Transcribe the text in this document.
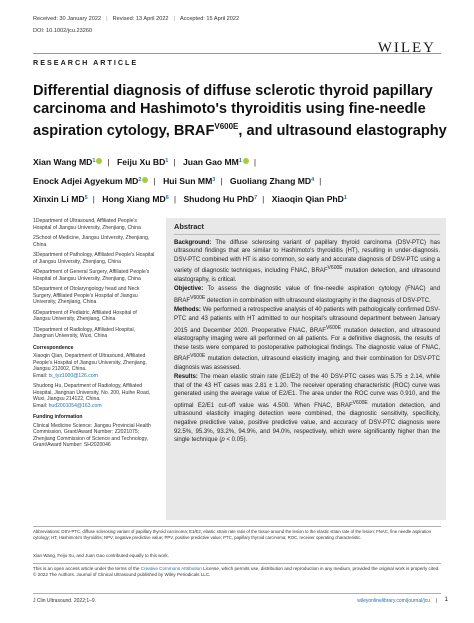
Received: 30 January 2022 | Revised: 13 April 2022 | Accepted: 15 April 2022
DOI: 10.1002/jcu.23260
WILEY
RESEARCH ARTICLE
Differential diagnosis of diffuse sclerotic thyroid papillary carcinoma and Hashimoto's thyroiditis using fine-needle aspiration cytology, $BRAF^{V600E}$, and ultrasound elastography
Xian Wang $MD^1$ | Feiju Xu $BD^1$ | Juan Gao $MM^1$ |
Enock Adjei Agyekum $MD^2$ | Hui Sun $MM^3$ | Guoliang Zhang $MD^4$ |
Xinxin Li $MD^5$ | Hong Xiang $MD^6$ | Shudong Hu PhD$^7$ | Xiaoqin Qian PhD$^1$

1Department of Ultrasound, Affiliated People's Hospital of Jiangsu University, Zhenjiang, China

2School of Medicine, Jiangsu University, Zhenjiang, China

3Department of Pathology, Affiliated People's Hospital of Jiangsu University, Zhenjiang, China

4Department of General Surgery, Affiliated People's Hospital of Jiangsu University, Zhenjiang, China

5Department of Otolaryngology head and Neck Surgery, Affiliated People's Hospital of Jiangsu University, Zhenjiang, China

6Department of Pediatric, Affiliated Hospital of Jiangsu University, Zhenjiang, China

7Department of Radiology, Affiliated Hospital, Jiangnan University, Wuxi, China

Correspondence

Xiaoqin Qian, Department of Ultrasound, Affiliated People's Hospital of Jiangsu University, Zhenjiang, Jiangsu 212002, China.
Email: tx_tyz1000@126.com

Shudong Hu, Department of Radiology, Affiliated Hospital, Jiangnan University, No. 200, Huihe Road, Wuxi, Jiangsu 214122, China.
Email: hud2001054@163.com

Funding information

Clinical Medicine Science: Jiangsu Provincial Health Commission, Grant/Award Number: Z2021075; Zhenjiang Commission of Science and Technology, Grant/Award Number: SH2020046

Abstract

Background: The diffuse sclerosing variant of papillary thyroid carcinoma (DSV-PTC) has ultrasound findings that are similar to Hashimoto's thyroiditis (HT), resulting in under-diagnosis. DSV-PTC combined with HT is also common, so early and accurate diagnosis of DSV-PTC using a variety of diagnostic techniques, including FNAC, $BRAF^{V600E}$ mutation detection, and ultrasound elastography, is critical.

Objective: To assess the diagnostic value of fine-needle aspiration cytology (FNAC) and $BRAF^{V600E}$ detection in combination with ultrasound elastography in the diagnosis of DSV-PTC.

Methods: We performed a retrospective analysis of 40 patients with pathologically confirmed DSV-PTC and 43 patients with HT admitted to our hospital's ultrasound department between January 2015 and December 2020. Preoperative FNAC, $BRAF^{V600E}$ mutation detection, and ultrasound elastography imaging were all performed on all patients. For a definitive diagnosis, the results of these tests were compared to postoperative pathological findings. The diagnostic value of FNAC, $BRAF^{V600E}$ mutation detection, ultrasound elasticity imaging, and their combination for DSV-PTC diagnosis was assessed.

Results: The mean elastic strain rate (E1/E2) of the 40 DSV-PTC cases was 5.75 ± 2.14, while that of the 43 HT cases was 2.81 ± 1.20. The receiver operating characteristic (ROC) curve was generated using the average value of E2/E1. The area under the ROC curve was 0.910, and the optimal E2/E1 cut-off value was 4.500. When FNAC, $BRAF^{V600E}$ mutation detection, and ultrasound elasticity imaging detection were combined, the diagnostic sensitivity, specificity, negative predictive value, positive predictive value, and accuracy of DSV-PTC diagnosis were 92.5%, 95.3%, 93.2%, 94.9%, and 94.0%, respectively, which were significantly higher than the single technique (p < 0.05).

Abbreviations: DSV-PTC, diffuse sclerosing variant of papillary thyroid carcinoma; E1/E2, elastic strain rate ratio of the tissue around the lesion to the elastic strain rate of the lesion; FNAC, fine needle aspiration cytology; HT, Hashimoto's thyroiditis; NPV, negative predictive value; PPV, positive predictive value; PTC, papillary thyroid carcinoma; ROC, receiver operating characteristic.
Xian Wang, Feiju Xu, and Juan Gao contributed equally to this work.
This is an open access article under the terms of the Creative Commons Attribution License, which permits use, distribution and reproduction in any medium, provided the original work is properly cited.
© 2022 The Authors. Journal of Clinical Ultrasound published by Wiley Periodicals LLC.
J Clin Ultrasound. 2022;1–9.	wileyonlinelibrary.com/journal/jcu | 1
